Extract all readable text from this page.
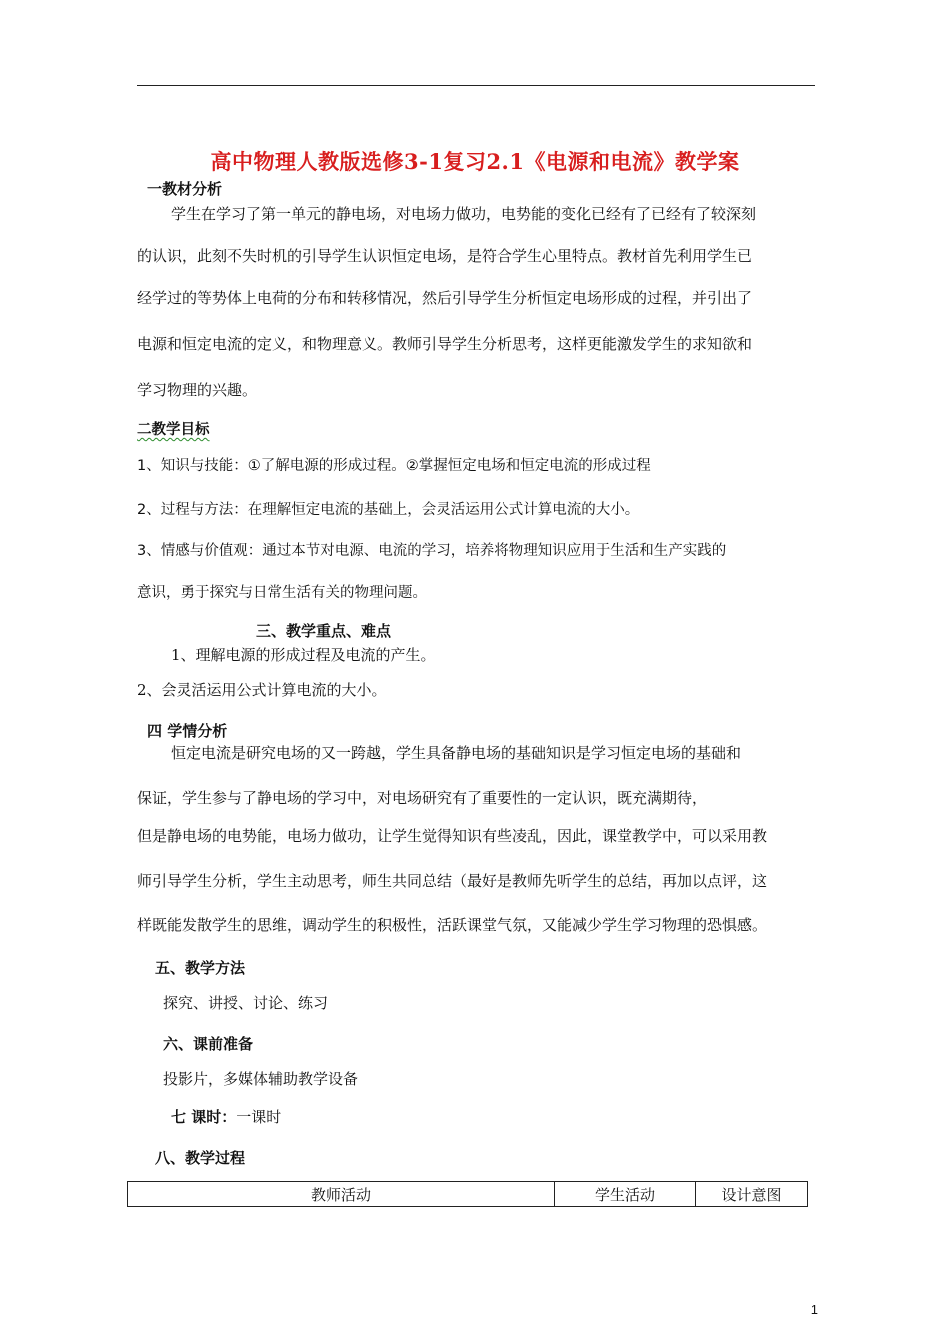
高中物理人教版选修3-1复习2.1《电源和电流》教学案
一教材分析
学生在学习了第一单元的静电场，对电场力做功，电势能的变化已经有了已经有了较深刻
的认识，此刻不失时机的引导学生认识恒定电场，是符合学生心里特点。教材首先利用学生已
经学过的等势体上电荷的分布和转移情况，然后引导学生分析恒定电场形成的过程，并引出了
电源和恒定电流的定义，和物理意义。教师引导学生分析思考，这样更能激发学生的求知欲和
学习物理的兴趣。
二教学目标
1、知识与技能：①了解电源的形成过程。②掌握恒定电场和恒定电流的形成过程
2、过程与方法：在理解恒定电流的基础上，会灵活运用公式计算电流的大小。
3、情感与价值观：通过本节对电源、电流的学习，培养将物理知识应用于生活和生产实践的
意识，勇于探究与日常生活有关的物理问题。
三、教学重点、难点
1、理解电源的形成过程及电流的产生。
2、会灵活运用公式计算电流的大小。
四 学情分析
恒定电流是研究电场的又一跨越，学生具备静电场的基础知识是学习恒定电场的基础和
保证，学生参与了静电场的学习中，对电场研究有了重要性的一定认识，既充满期待，
但是静电场的电势能，电场力做功，让学生觉得知识有些凌乱，因此，课堂教学中，可以采用教
师引导学生分析，学生主动思考，师生共同总结（最好是教师先听学生的总结，再加以点评，这
样既能发散学生的思维，调动学生的积极性，活跃课堂气氛，又能减少学生学习物理的恐惧感。
五、教学方法
探究、讲授、讨论、练习
六、课前准备
投影片，多媒体辅助教学设备
七 课时：一课时
八、教学过程
教师活动	学生活动	设计意图
1
